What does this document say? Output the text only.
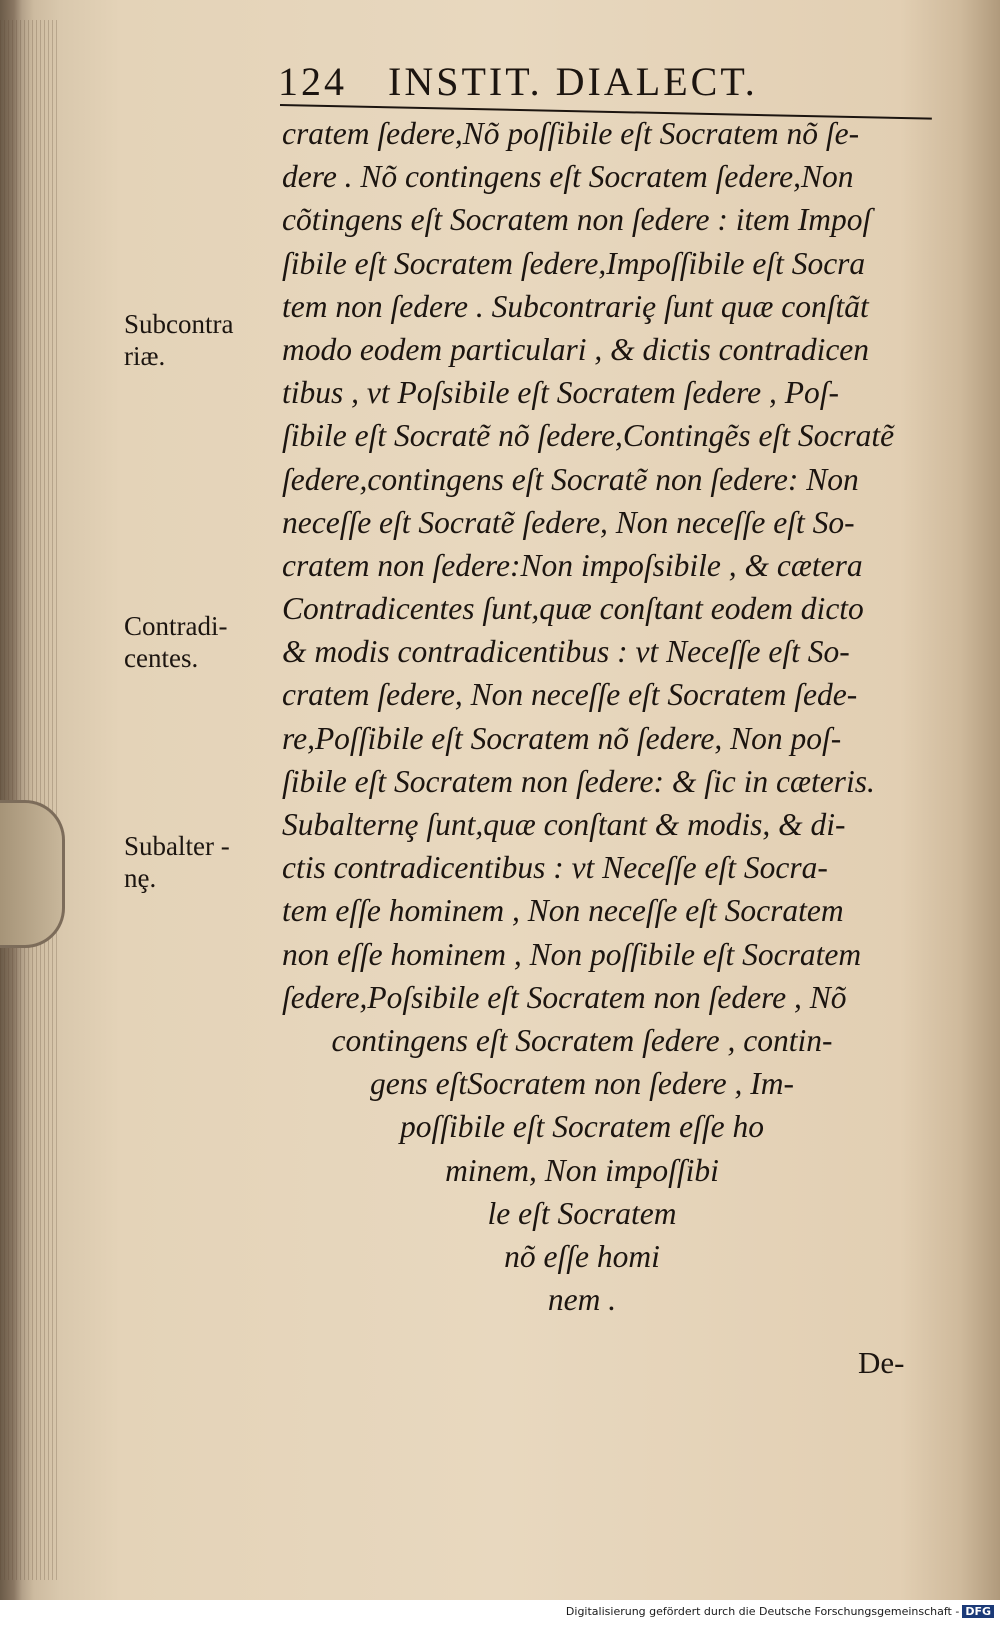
124 INSTIT. DIALECT.
cratem ſedere,Nõ poſſibile eſt Socratem nõ ſe-
dere . Nõ contingens eſt Socratem ſedere,Non
cõtingens eſt Socratem non ſedere : item Impoſ
ſibile eſt Socratem ſedere,Impoſſibile eſt Socra
tem non ſedere . Subcontrariȩ ſunt quæ conſtãt
modo eodem particulari , & dictis contradicen
tibus , vt Poſsibile eſt Socratem ſedere , Poſ-
ſibile eſt Socratẽ nõ ſedere,Contingẽs eſt Socratẽ
ſedere,contingens eſt Socratẽ non ſedere: Non
neceſſe eſt Socratẽ ſedere, Non neceſſe eſt So-
cratem non ſedere:Non impoſsibile , & cætera
Contradicentes ſunt,quæ conſtant eodem dicto
& modis contradicentibus : vt Neceſſe eſt So-
cratem ſedere, Non neceſſe eſt Socratem ſede-
re,Poſſibile eſt Socratem nõ ſedere, Non poſ-
ſibile eſt Socratem non ſedere: & ſic in cæteris.
Subalternȩ ſunt,quæ conſtant & modis, & di-
ctis contradicentibus : vt Neceſſe eſt Socra-
tem eſſe hominem , Non neceſſe eſt Socratem
non eſſe hominem , Non poſſibile eſt Socratem
ſedere,Poſsibile eſt Socratem non ſedere , Nõ
contingens eſt Socratem ſedere , contin-
gens eſtSocratem non ſedere , Im-
poſſibile eſt Socratem eſſe ho
minem, Non impoſſibi
le eſt Socratem
nõ eſſe homi
nem .
Subcontra
riæ.
Contradi-
centes.
Subalter -
nȩ.
De-
Digitalisierung gefördert durch die Deutsche Forschungsgemeinschaft - DFG
